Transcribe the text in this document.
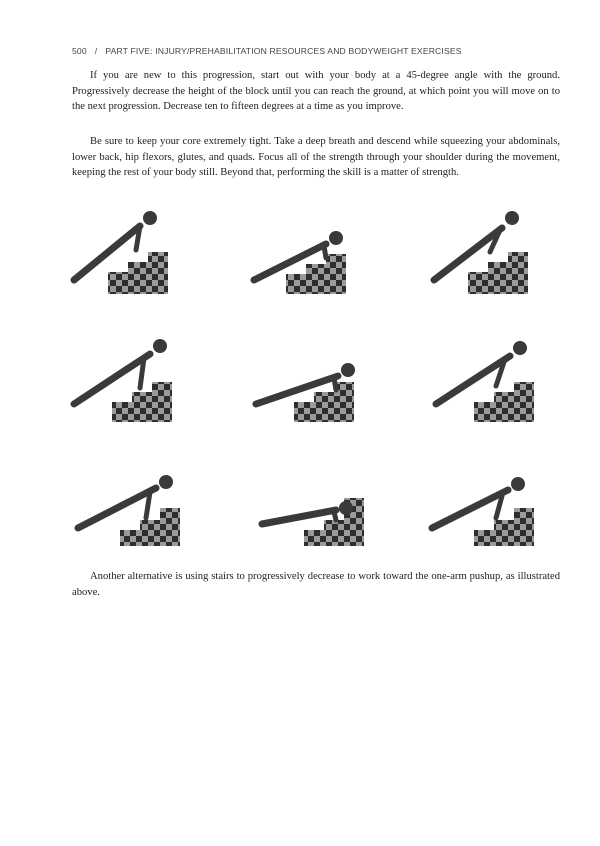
500 / PART FIVE: INJURY/PREHABILITATION RESOURCES AND BODYWEIGHT EXERCISES

If you are new to this progression, start out with your body at a 45-degree angle with the ground. Progressively decrease the height of the block until you can reach the ground, at which point you will move on to the next progression. Decrease ten to fifteen degrees at a time as you improve.

Be sure to keep your core extremely tight. Take a deep breath and descend while squeezing your abdominals, lower back, hip flexors, glutes, and quads. Focus all of the strength through your shoulder during the movement, keeping the rest of your body still. Beyond that, performing the skill is a matter of strength.

Another alternative is using stairs to progressively decrease to work toward the one-arm pushup, as illustrated above.
